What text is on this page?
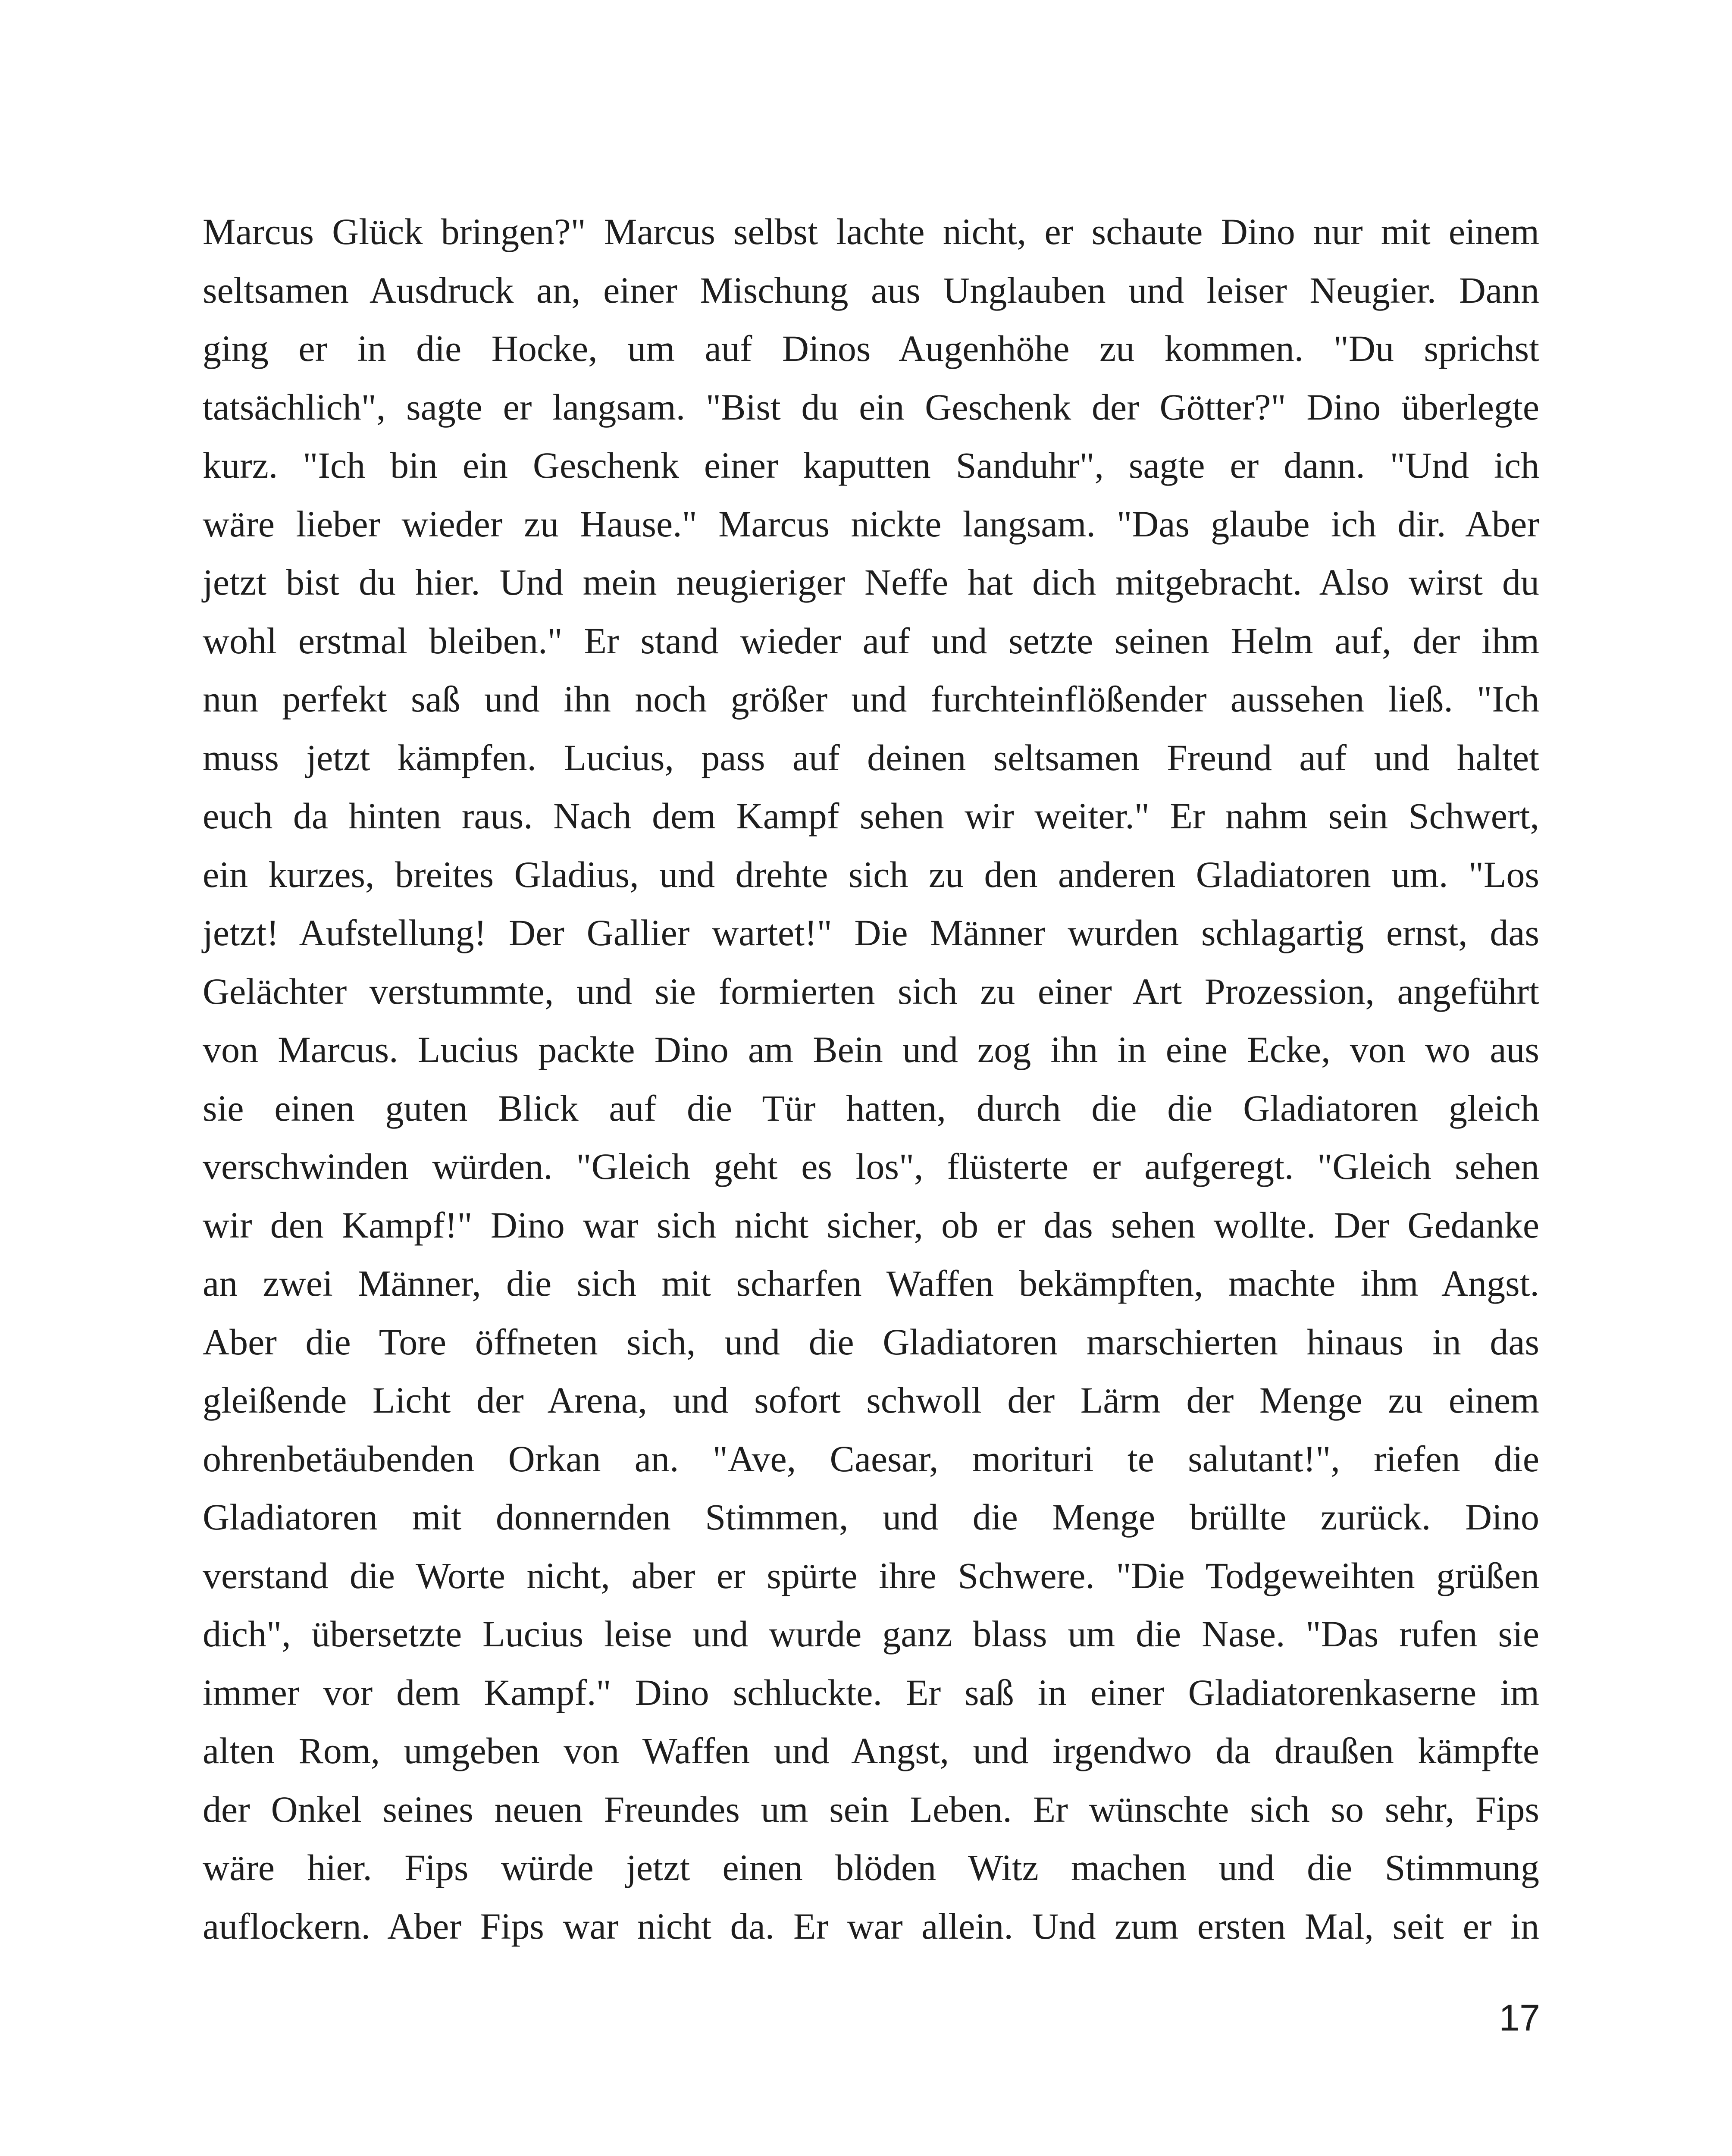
Marcus Glück bringen?" Marcus selbst lachte nicht, er schaute Dino nur mit einem
seltsamen Ausdruck an, einer Mischung aus Unglauben und leiser Neugier. Dann
ging er in die Hocke, um auf Dinos Augenhöhe zu kommen. "Du sprichst
tatsächlich", sagte er langsam. "Bist du ein Geschenk der Götter?" Dino überlegte
kurz. "Ich bin ein Geschenk einer kaputten Sanduhr", sagte er dann. "Und ich
wäre lieber wieder zu Hause." Marcus nickte langsam. "Das glaube ich dir. Aber
jetzt bist du hier. Und mein neugieriger Neffe hat dich mitgebracht. Also wirst du
wohl erstmal bleiben." Er stand wieder auf und setzte seinen Helm auf, der ihm
nun perfekt saß und ihn noch größer und furchteinflößender aussehen ließ. "Ich
muss jetzt kämpfen. Lucius, pass auf deinen seltsamen Freund auf und haltet
euch da hinten raus. Nach dem Kampf sehen wir weiter." Er nahm sein Schwert,
ein kurzes, breites Gladius, und drehte sich zu den anderen Gladiatoren um. "Los
jetzt! Aufstellung! Der Gallier wartet!" Die Männer wurden schlagartig ernst, das
Gelächter verstummte, und sie formierten sich zu einer Art Prozession, angeführt
von Marcus. Lucius packte Dino am Bein und zog ihn in eine Ecke, von wo aus
sie einen guten Blick auf die Tür hatten, durch die die Gladiatoren gleich
verschwinden würden. "Gleich geht es los", flüsterte er aufgeregt. "Gleich sehen
wir den Kampf!" Dino war sich nicht sicher, ob er das sehen wollte. Der Gedanke
an zwei Männer, die sich mit scharfen Waffen bekämpften, machte ihm Angst.
Aber die Tore öffneten sich, und die Gladiatoren marschierten hinaus in das
gleißende Licht der Arena, und sofort schwoll der Lärm der Menge zu einem
ohrenbetäubenden Orkan an. "Ave, Caesar, morituri te salutant!", riefen die
Gladiatoren mit donnernden Stimmen, und die Menge brüllte zurück. Dino
verstand die Worte nicht, aber er spürte ihre Schwere. "Die Todgeweihten grüßen
dich", übersetzte Lucius leise und wurde ganz blass um die Nase. "Das rufen sie
immer vor dem Kampf." Dino schluckte. Er saß in einer Gladiatorenkaserne im
alten Rom, umgeben von Waffen und Angst, und irgendwo da draußen kämpfte
der Onkel seines neuen Freundes um sein Leben. Er wünschte sich so sehr, Fips
wäre hier. Fips würde jetzt einen blöden Witz machen und die Stimmung
auflockern. Aber Fips war nicht da. Er war allein. Und zum ersten Mal, seit er in
17
